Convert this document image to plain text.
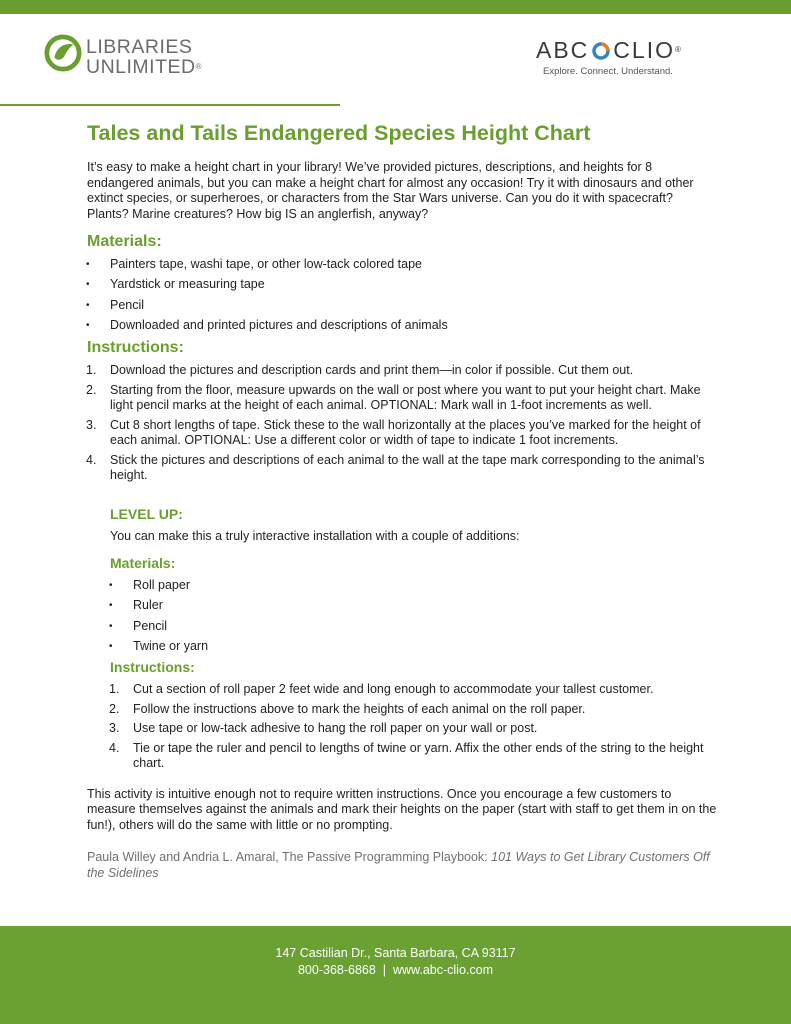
LIBRARIES
UNLIMITED®
ABC CLIO®
Explore. Connect. Understand.
Tales and Tails Endangered Species Height Chart

It’s easy to make a height chart in your library! We’ve provided pictures, descriptions, and heights for 8 endangered animals, but you can make a height chart for almost any occasion! Try it with dinosaurs and other extinct species, or superheroes, or characters from the Star Wars universe. Can you do it with spacecraft? Plants? Marine creatures? How big IS an anglerfish, anyway?

Materials:
• Painters tape, washi tape, or other low-tack colored tape
• Yardstick or measuring tape
• Pencil
• Downloaded and printed pictures and descriptions of animals
Instructions:
1. Download the pictures and description cards and print them—in color if possible. Cut them out.
2. Starting from the floor, measure upwards on the wall or post where you want to put your height chart. Make light pencil marks at the height of each animal. OPTIONAL: Mark wall in 1-foot increments as well.
3. Cut 8 short lengths of tape. Stick these to the wall horizontally at the places you’ve marked for the height of each animal. OPTIONAL: Use a different color or width of tape to indicate 1 foot increments.
4. Stick the pictures and descriptions of each animal to the wall at the tape mark corresponding to the animal’s height.
LEVEL UP:

You can make this a truly interactive installation with a couple of additions:

Materials:
• Roll paper
• Ruler
• Pencil
• Twine or yarn
Instructions:
1. Cut a section of roll paper 2 feet wide and long enough to accommodate your tallest customer.
2. Follow the instructions above to mark the heights of each animal on the roll paper.
3. Use tape or low-tack adhesive to hang the roll paper on your wall or post.
4. Tie or tape the ruler and pencil to lengths of twine or yarn. Affix the other ends of the string to the height chart.

This activity is intuitive enough not to require written instructions. Once you encourage a few customers to measure themselves against the animals and mark their heights on the paper (start with staff to get them in on the fun!), others will do the same with little or no prompting.

Paula Willey and Andria L. Amaral, The Passive Programming Playbook: 101 Ways to Get Library Customers Off the Sidelines

147 Castilian Dr., Santa Barbara, CA 93117
800-368-6868  |  www.abc-clio.com
